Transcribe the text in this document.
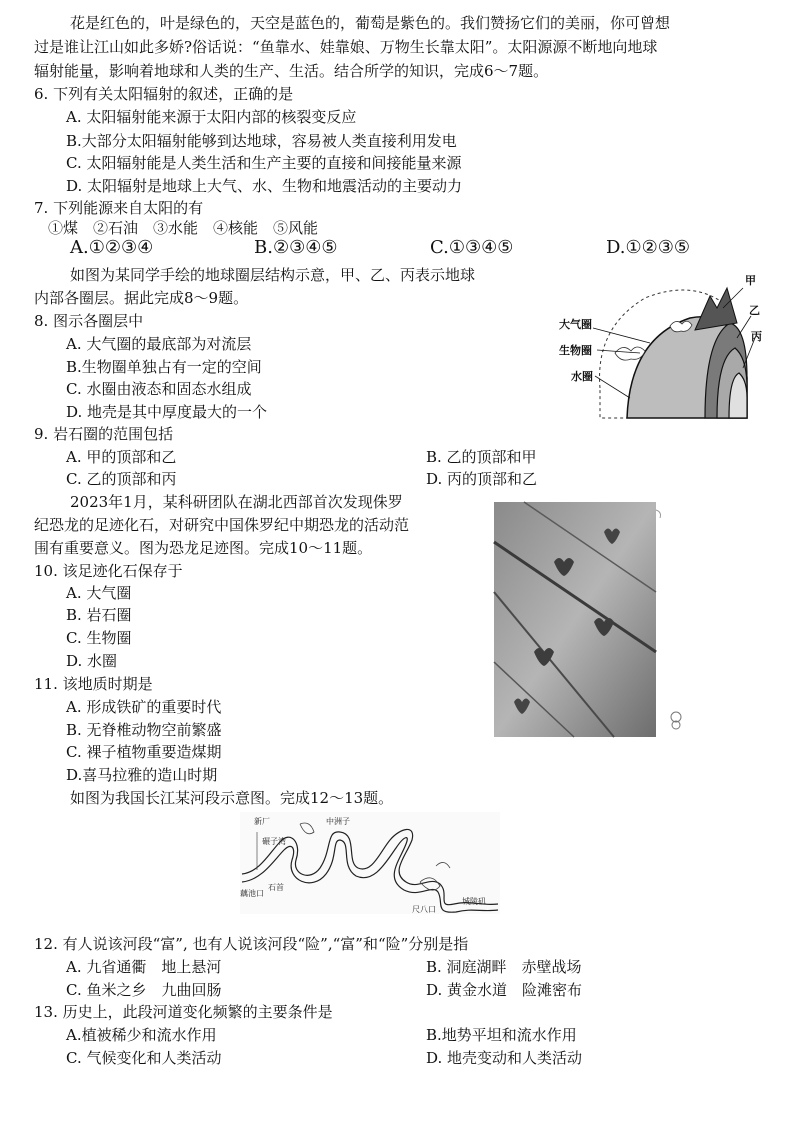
花是红色的，叶是绿色的，天空是蓝色的，葡萄是紫色的。我们赞扬它们的美丽，你可曾想
过是谁让江山如此多娇?俗话说：“鱼靠水、娃靠娘、万物生长靠太阳”。太阳源源不断地向地球
辐射能量，影响着地球和人类的生产、生活。结合所学的知识，完成6～7题。
6. 下列有关太阳辐射的叙述，正确的是
A. 太阳辐射能来源于太阳内部的核裂变反应
B.大部分太阳辐射能够到达地球，容易被人类直接利用发电
C. 太阳辐射能是人类生活和生产主要的直接和间接能量来源
D. 太阳辐射是地球上大气、水、生物和地震活动的主要动力
7. 下列能源来自太阳的有
①煤　②石油　③水能　④核能　⑤风能
A.①②③④	B.②③④⑤	C.①③④⑤	D.①②③⑤
如图为某同学手绘的地球圈层结构示意，甲、乙、丙表示地球
内部各圈层。据此完成8～9题。
8. 图示各圈层中
A. 大气圈的最底部为对流层
B.生物圈单独占有一定的空间
C. 水圈由液态和固态水组成
D. 地壳是其中厚度最大的一个
大气圈
生物圈
水圈
甲
乙
丙
9. 岩石圈的范围包括
A. 甲的顶部和乙	B. 乙的顶部和甲
C. 乙的顶部和丙	D. 丙的顶部和乙
2023年1月，某科研团队在湖北西部首次发现侏罗
纪恐龙的足迹化石，对研究中国侏罗纪中期恐龙的活动范
围有重要意义。图为恐龙足迹图。完成10～11题。
10. 该足迹化石保存于
A. 大气圈
B. 岩石圈
C. 生物圈
D. 水圈
11. 该地质时期是
A. 形成铁矿的重要时代
B. 无脊椎动物空前繁盛
C. 裸子植物重要造煤期
D.喜马拉雅的造山时期
如图为我国长江某河段示意图。完成12～13题。
新厂	中洲子
碾子湾
藕池口
石首
尺八口
城陵矶
12. 有人说该河段“富”, 也有人说该河段“险”,“富”和“险”分别是指
A. 九省通衢　地上悬河	B. 洞庭湖畔　赤壁战场
C. 鱼米之乡　九曲回肠	D. 黄金水道　险滩密布
13. 历史上，此段河道变化频繁的主要条件是
A.植被稀少和流水作用	B.地势平坦和流水作用
C. 气候变化和人类活动	D. 地壳变动和人类活动
